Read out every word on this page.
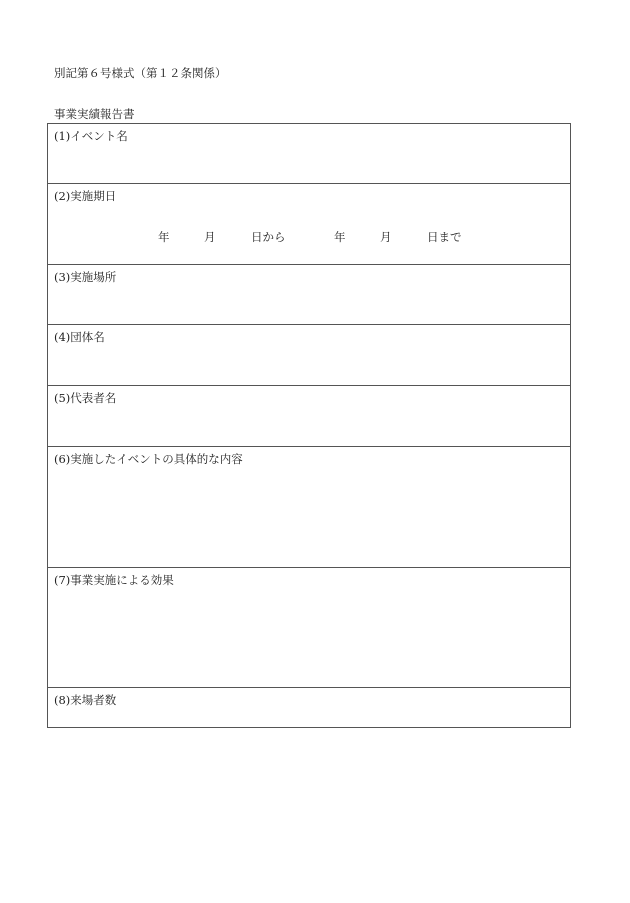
別記第６号様式（第１２条関係）
事業実績報告書
(1)イベント名
(2)実施期日
年	月	日から	年	月	日まで
(3)実施場所
(4)団体名
(5)代表者名
(6)実施したイベントの具体的な内容
(7)事業実施による効果
(8)来場者数
